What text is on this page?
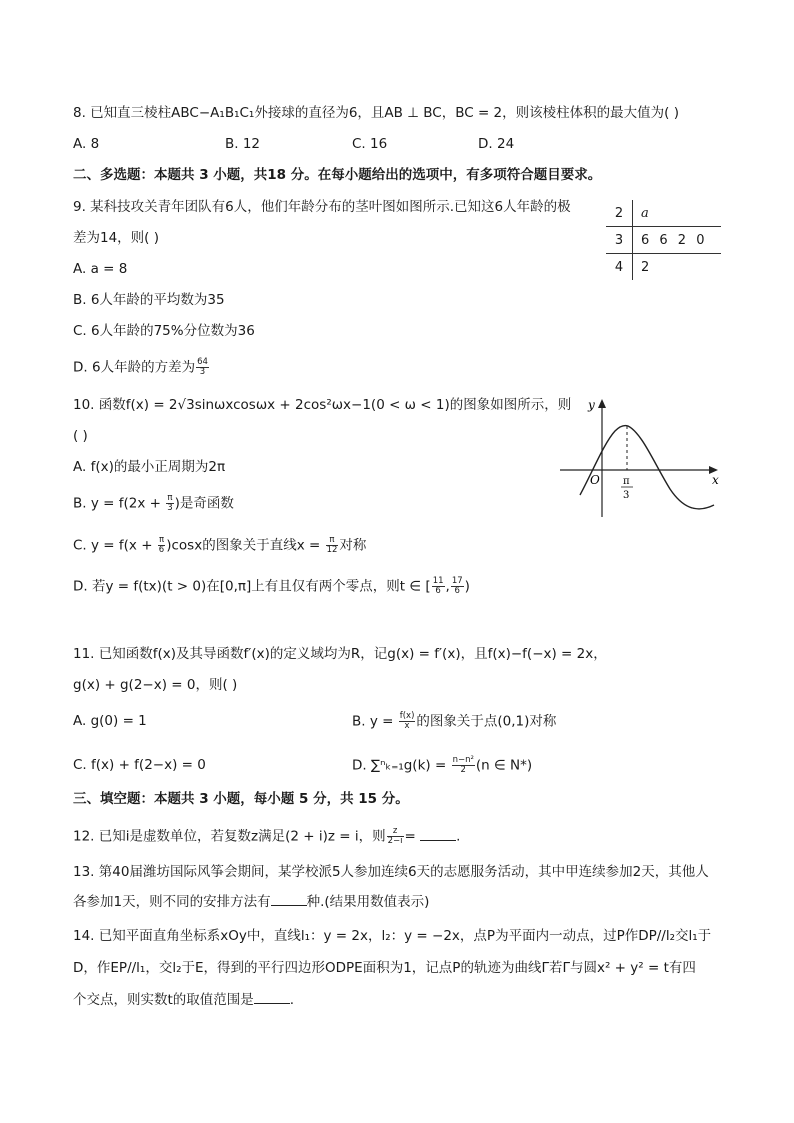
8. 已知直三棱柱ABC−A₁B₁C₁外接球的直径为6，且AB ⊥ BC，BC = 2，则该棱柱体积的最大值为( )
A. 8	B. 12	C. 16	D. 24
二、多选题：本题共 3 小题，共18 分。在每小题给出的选项中，有多项符合题目要求。
9. 某科技攻关青年团队有6人，他们年龄分布的茎叶图如图所示.已知这6人年龄的极
差为14，则( )
A. a = 8
B. 6人年龄的平均数为35
C. 6人年龄的75%分位数为36
D. 6人年龄的方差为 $\frac{64}{3}$
2	a
3	6 6 2 0
4	2
10. 函数f(x) = 2√3sinωxcosωx + 2cos²ωx−1(0 < ω < 1)的图象如图所示，则
( )
A. f(x)的最小正周期为2π
B. $y = f(2x + \frac{\pi}{3}$ )是奇函数
C. $y = f(x + \frac{\pi}{6} )\cos x$的图象关于直线$x = \frac{\pi}{12}$ 对称
D. 若y = f(tx)(t > 0)在[0,π]上有且仅有两个零点，则t ∈ [ $\frac{11}{6}$ , $\frac{17}{6}$ )
y
x
O π
3
11. 已知函数f(x)及其导函数f′(x)的定义域均为R，记g(x) = f′(x)，且f(x)−f(−x) = 2x，
g(x) + g(2−x) = 0，则( )
A. g(0) = 1	B. $y = \frac{f(x)}{x}$ 的图象关于点(0,1)对称
C. f(x) + f(2−x) = 0	D. $\sum^n_{k=1}g(k) = \frac{\text{n−n²}}{2} (n$ ∈ N*)
三、填空题：本题共 3 小题，每小题 5 分，共 15 分。
12. 已知i是虚数单位，若复数z满足(2 + i)z = i，则 $\frac{z}{2-i}$ =	.
13. 第40届潍坊国际风筝会期间，某学校派5人参加连续6天的志愿服务活动，其中甲连续参加2天，其他人
各参加1天，则不同的安排方法有	种.(结果用数值表示)
14. 已知平面直角坐标系xOy中，直线l₁：y = 2x，l₂：y = −2x，点P为平面内一动点，过P作DP//l₂交l₁于
D，作EP//l₁，交l₂于E，得到的平行四边形ODPE面积为1，记点P的轨迹为曲线Γ若Γ与圆x² + y² = t有四
个交点，则实数t的取值范围是	.
